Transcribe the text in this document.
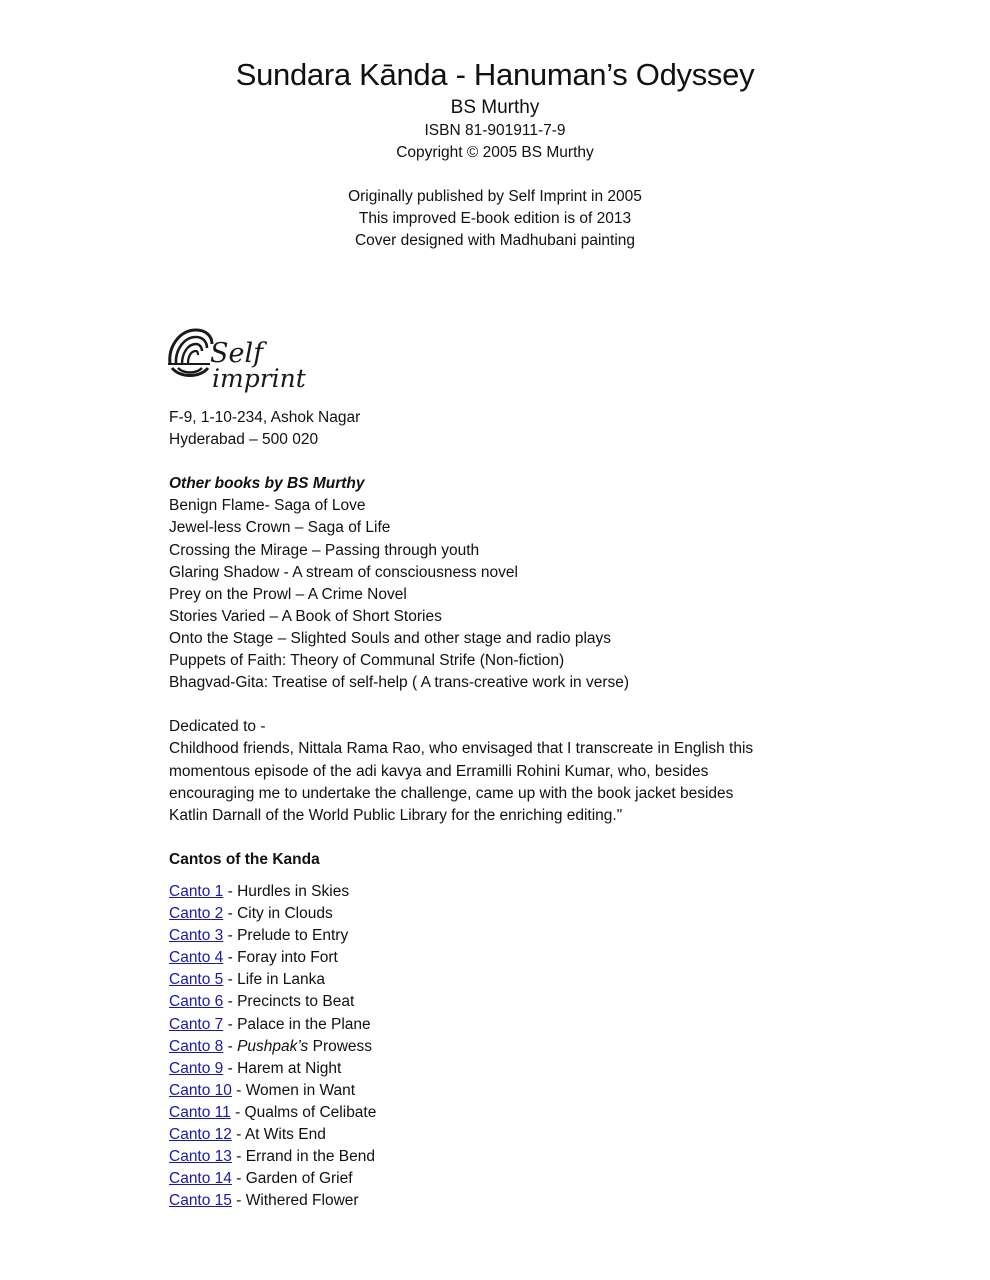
Sundara Kānda - Hanuman’s Odyssey
BS Murthy
ISBN 81-901911-7-9
Copyright © 2005 BS Murthy
Originally published by Self Imprint in 2005
This improved E-book edition is of 2013
Cover designed with Madhubani painting
Self
imprint
F-9, 1-10-234, Ashok Nagar
Hyderabad – 500 020
Other books by BS Murthy
Benign Flame- Saga of Love
Jewel-less Crown – Saga of Life
Crossing the Mirage – Passing through youth
Glaring Shadow - A stream of consciousness novel
Prey on the Prowl – A Crime Novel
Stories Varied – A Book of Short Stories
Onto the Stage – Slighted Souls and other stage and radio plays
Puppets of Faith: Theory of Communal Strife (Non-fiction)
Bhagvad-Gita: Treatise of self-help ( A trans-creative work in verse)
Dedicated to -
Childhood friends, Nittala Rama Rao, who envisaged that I transcreate in English this
momentous episode of the adi kavya and Erramilli Rohini Kumar, who, besides
encouraging me to undertake the challenge, came up with the book jacket besides
Katlin Darnall of the World Public Library for the enriching editing."
Cantos of the Kanda
Canto 1 - Hurdles in Skies
Canto 2 - City in Clouds
Canto 3 - Prelude to Entry
Canto 4 - Foray into Fort
Canto 5 - Life in Lanka
Canto 6 - Precincts to Beat
Canto 7 - Palace in the Plane
Canto 8 - Pushpak’s Prowess
Canto 9 - Harem at Night
Canto 10 - Women in Want
Canto 11 - Qualms of Celibate
Canto 12 - At Wits End
Canto 13 - Errand in the Bend
Canto 14 - Garden of Grief
Canto 15 - Withered Flower
